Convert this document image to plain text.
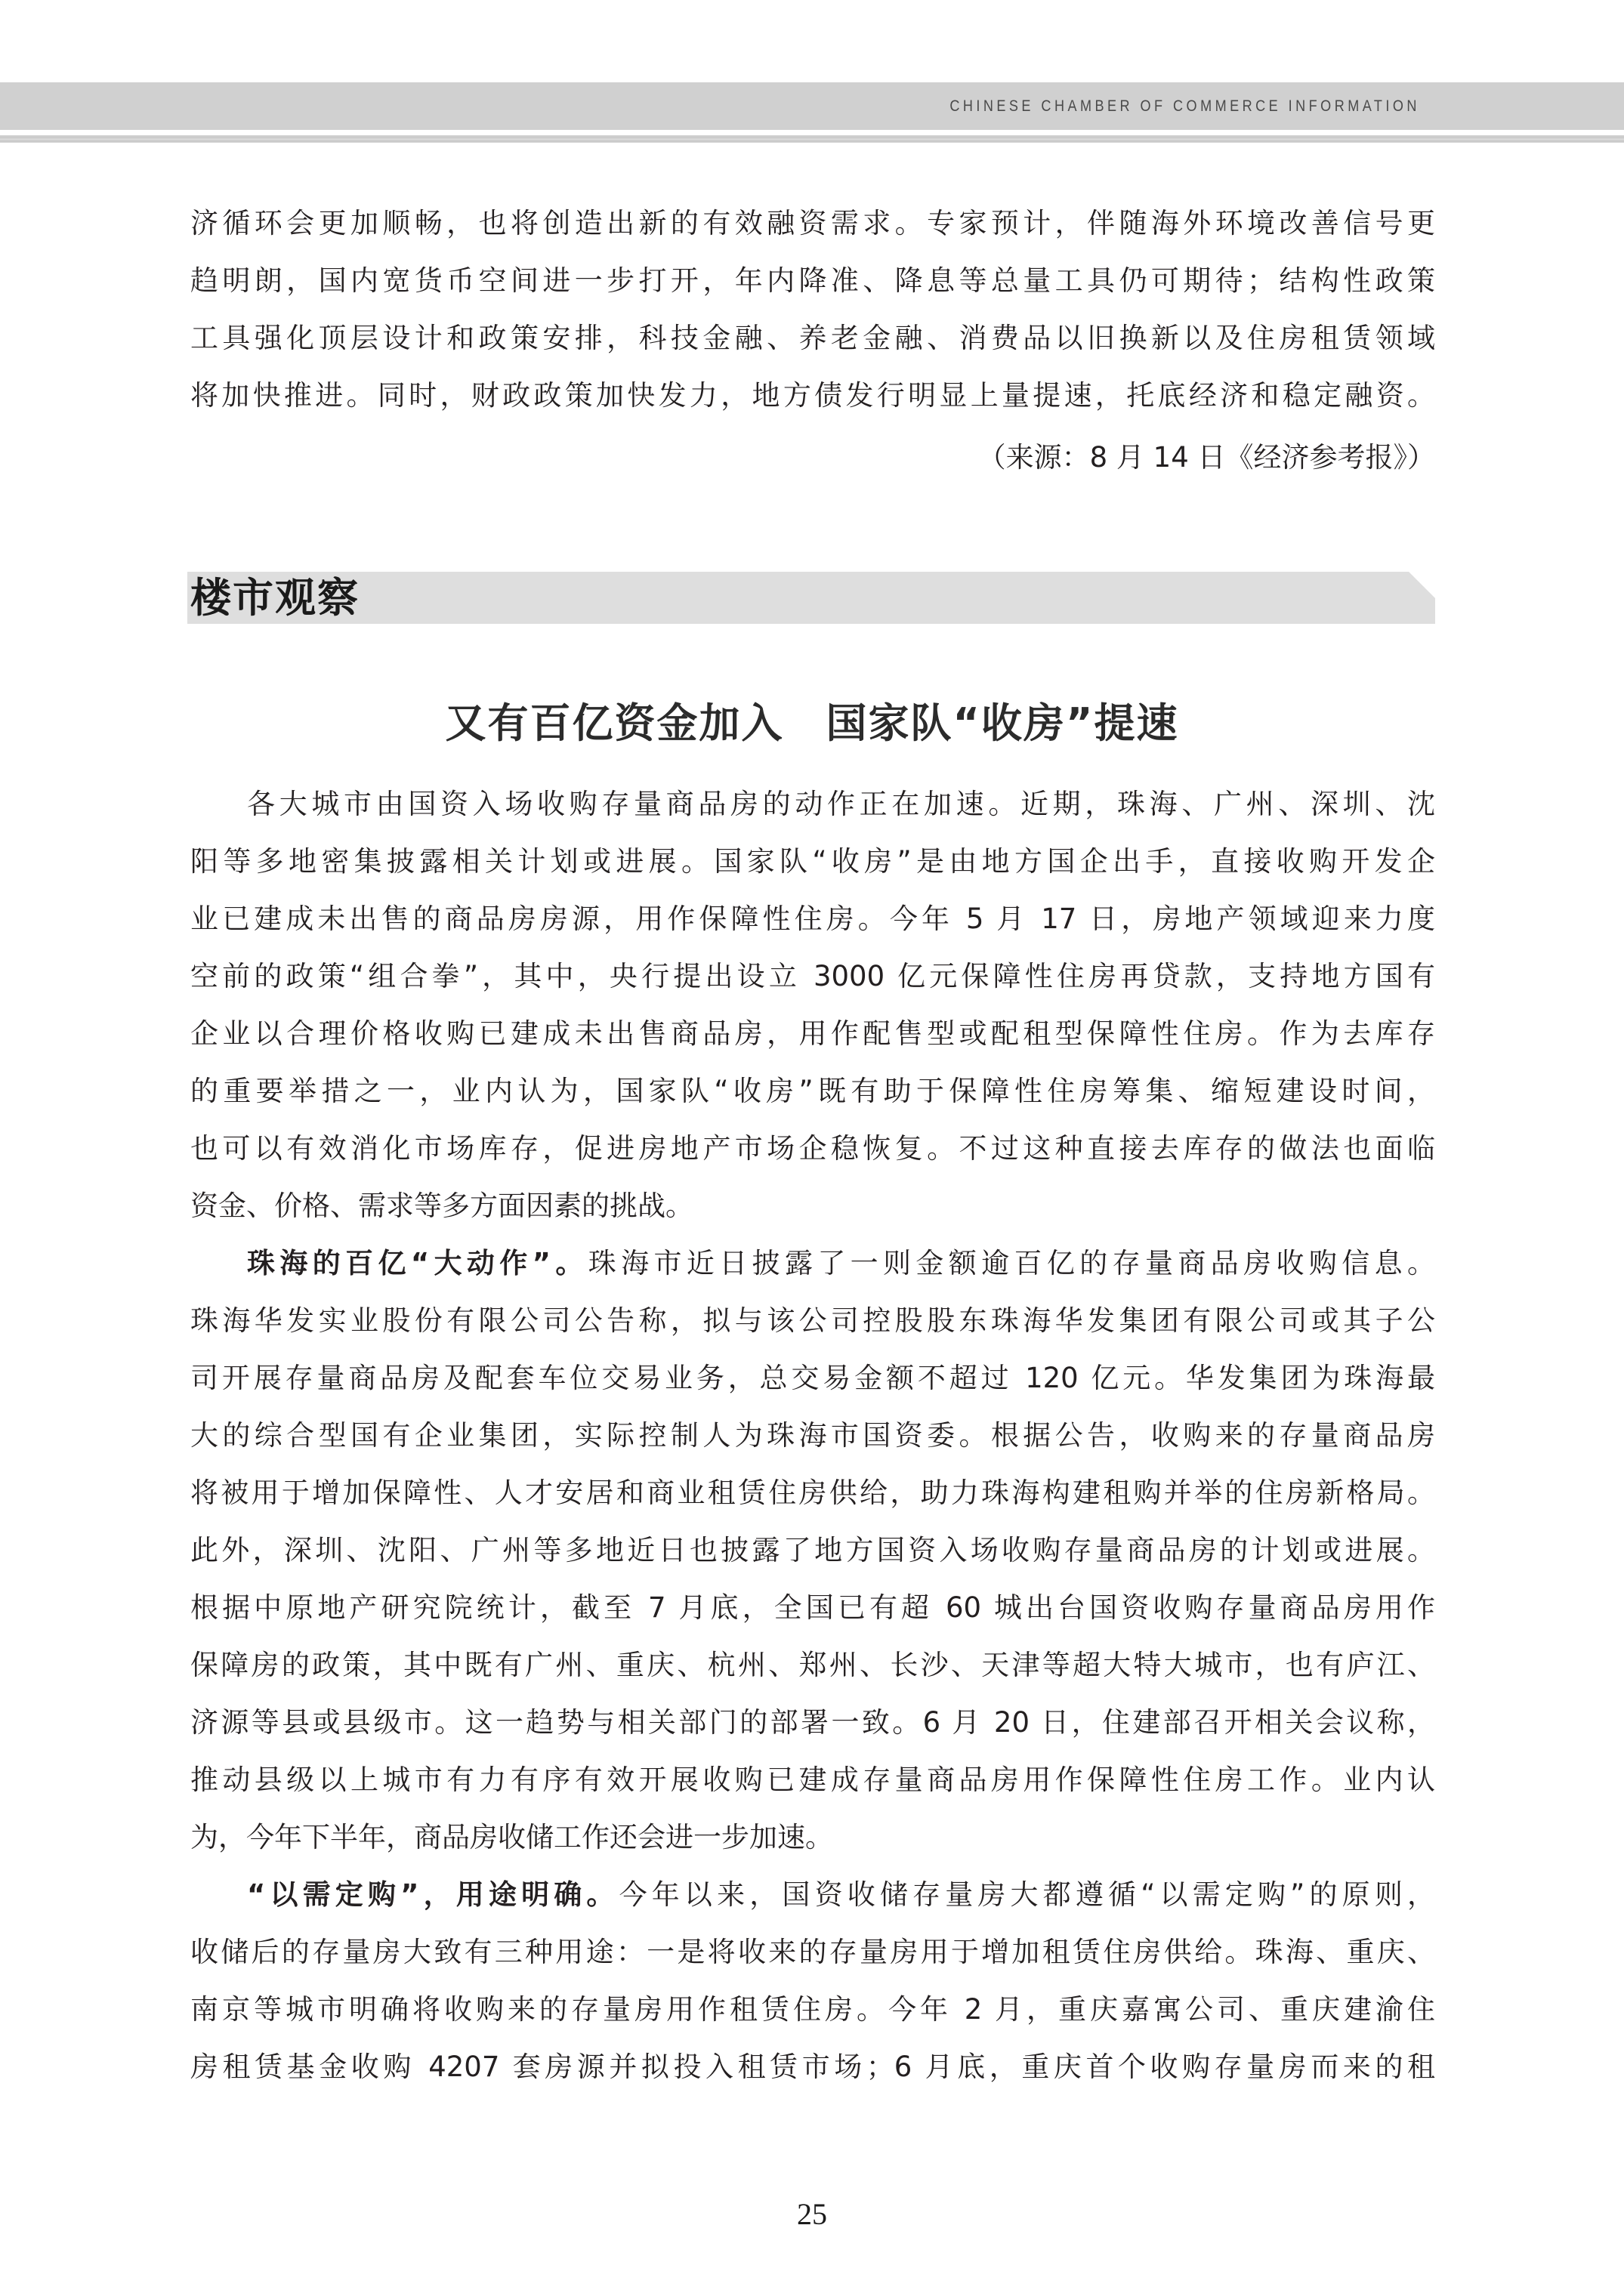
CHINESE CHAMBER OF COMMERCE INFORMATION
济循环会更加顺畅，也将创造出新的有效融资需求。专家预计，伴随海外环境改善信号更
趋明朗，国内宽货币空间进一步打开，年内降准、降息等总量工具仍可期待；结构性政策
工具强化顶层设计和政策安排，科技金融、养老金融、消费品以旧换新以及住房租赁领域
将加快推进。同时，财政政策加快发力，地方债发行明显上量提速，托底经济和稳定融资。
（来源：8 月 14 日《经济参考报》）
楼市观察
又有百亿资金加入　国家队“收房”提速
各大城市由国资入场收购存量商品房的动作正在加速。近期，珠海、广州、深圳、沈
阳等多地密集披露相关计划或进展。国家队“收房”是由地方国企出手，直接收购开发企
业已建成未出售的商品房房源，用作保障性住房。今年 5 月 17 日，房地产领域迎来力度
空前的政策“组合拳”，其中，央行提出设立 3000 亿元保障性住房再贷款，支持地方国有
企业以合理价格收购已建成未出售商品房，用作配售型或配租型保障性住房。作为去库存
的重要举措之一，业内认为，国家队“收房”既有助于保障性住房筹集、缩短建设时间，
也可以有效消化市场库存，促进房地产市场企稳恢复。不过这种直接去库存的做法也面临
资金、价格、需求等多方面因素的挑战。
珠海的百亿“大动作”。珠海市近日披露了一则金额逾百亿的存量商品房收购信息。
珠海华发实业股份有限公司公告称，拟与该公司控股股东珠海华发集团有限公司或其子公
司开展存量商品房及配套车位交易业务，总交易金额不超过 120 亿元。华发集团为珠海最
大的综合型国有企业集团，实际控制人为珠海市国资委。根据公告，收购来的存量商品房
将被用于增加保障性、人才安居和商业租赁住房供给，助力珠海构建租购并举的住房新格局。
此外，深圳、沈阳、广州等多地近日也披露了地方国资入场收购存量商品房的计划或进展。
根据中原地产研究院统计，截至 7 月底，全国已有超 60 城出台国资收购存量商品房用作
保障房的政策，其中既有广州、重庆、杭州、郑州、长沙、天津等超大特大城市，也有庐江、
济源等县或县级市。这一趋势与相关部门的部署一致。6 月 20 日，住建部召开相关会议称，
推动县级以上城市有力有序有效开展收购已建成存量商品房用作保障性住房工作。业内认
为，今年下半年，商品房收储工作还会进一步加速。
“以需定购”，用途明确。今年以来，国资收储存量房大都遵循“以需定购”的原则，
收储后的存量房大致有三种用途：一是将收来的存量房用于增加租赁住房供给。珠海、重庆、
南京等城市明确将收购来的存量房用作租赁住房。今年 2 月，重庆嘉寓公司、重庆建渝住
房租赁基金收购 4207 套房源并拟投入租赁市场；6 月底，重庆首个收购存量房而来的租
25
